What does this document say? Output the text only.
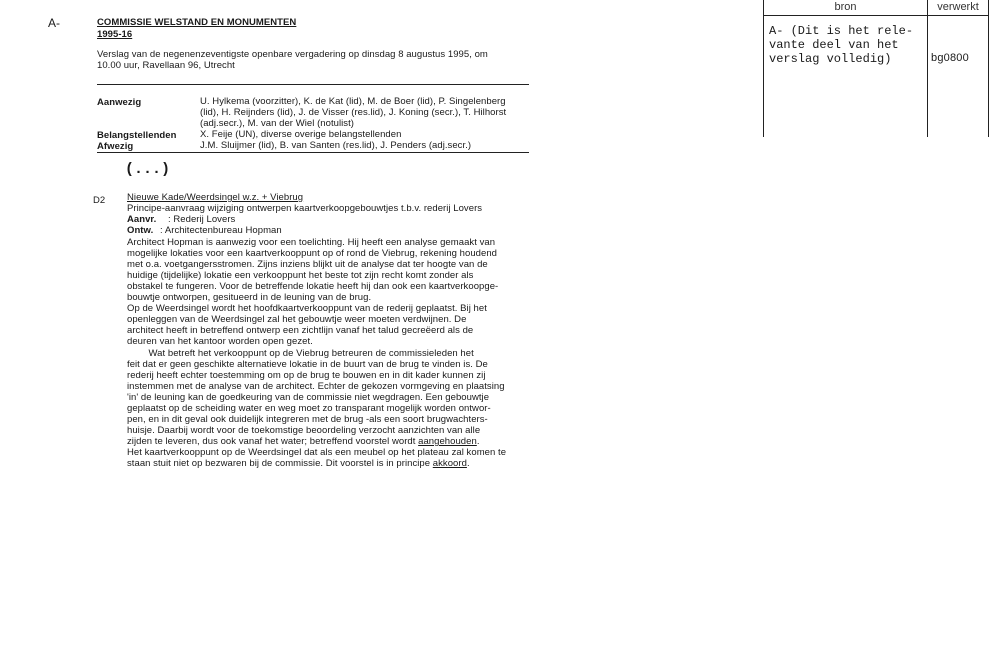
A-	COMMISSIE WELSTAND EN MONUMENTEN
1995-16
Verslag van de negenenzeventigste openbare vergadering op dinsdag 8 augustus 1995, om
10.00 uur, Ravellaan 96, Utrecht
Aanwezig	U. Hylkema (voorzitter), K. de Kat (lid), M. de Boer (lid), P. Singelenberg
(lid), H. Reijnders (lid), J. de Visser (res.lid), J. Koning (secr.), T. Hilhorst
(adj.secr.), M. van der Wiel (notulist)
Belangstellenden X. Feije (UN), diverse overige belangstellenden
Afwezig	J.M. Sluijmer (lid), B. van Santen (res.lid), J. Penders (adj.secr.)
(...)
D2 Nieuwe Kade/Weerdsingel w.z. + Viebrug
Principe-aanvraag wijziging ontwerpen kaartverkoopgebouwtjes t.b.v. rederij Lovers
Aanvr. : Rederij Lovers
Ontw. : Architectenbureau Hopman
Architect Hopman is aanwezig voor een toelichting. Hij heeft een analyse gemaakt van
mogelijke lokaties voor een kaartverkooppunt op of rond de Viebrug, rekening houdend
met o.a. voetgangersstromen. Zijns inziens blijkt uit de analyse dat ter hoogte van de
huidige (tijdelijke) lokatie een verkooppunt het beste tot zijn recht komt zonder als
obstakel te fungeren. Voor de betreffende lokatie heeft hij dan ook een kaartverkoopge-
bouwtje ontworpen, gesitueerd in de leuning van de brug.
Op de Weerdsingel wordt het hoofdkaartverkooppunt van de rederij geplaatst. Bij het
openleggen van de Weerdsingel zal het gebouwtje weer moeten verdwijnen. De
architect heeft in betreffend ontwerp een zichtlijn vanaf het talud gecreëerd als de
deuren van het kantoor worden open gezet.
Wat betreft het verkooppunt op de Viebrug betreuren de commissieleden het
feit dat er geen geschikte alternatieve lokatie in de buurt van de brug te vinden is. De
rederij heeft echter toestemming om op de brug te bouwen en in dit kader kunnen zij
instemmen met de analyse van de architect. Echter de gekozen vormgeving en plaatsing
'in' de leuning kan de goedkeuring van de commissie niet wegdragen. Een gebouwtje
geplaatst op de scheiding water en weg moet zo transparant mogelijk worden ontwor-
pen, en in dit geval ook duidelijk integreren met de brug -als een soort brugwachters-
huisje. Daarbij wordt voor de toekomstige beoordeling verzocht aanzichten van alle
zijden te leveren, dus ook vanaf het water; betreffend voorstel wordt aangehouden.
Het kaartverkooppunt op de Weerdsingel dat als een meubel op het plateau zal komen te
staan stuit niet op bezwaren bij de commissie. Dit voorstel is in principe akkoord.
bron	verwerkt
A- (Dit is het rele-
vante deel van het
verslag volledig)	bg0800
